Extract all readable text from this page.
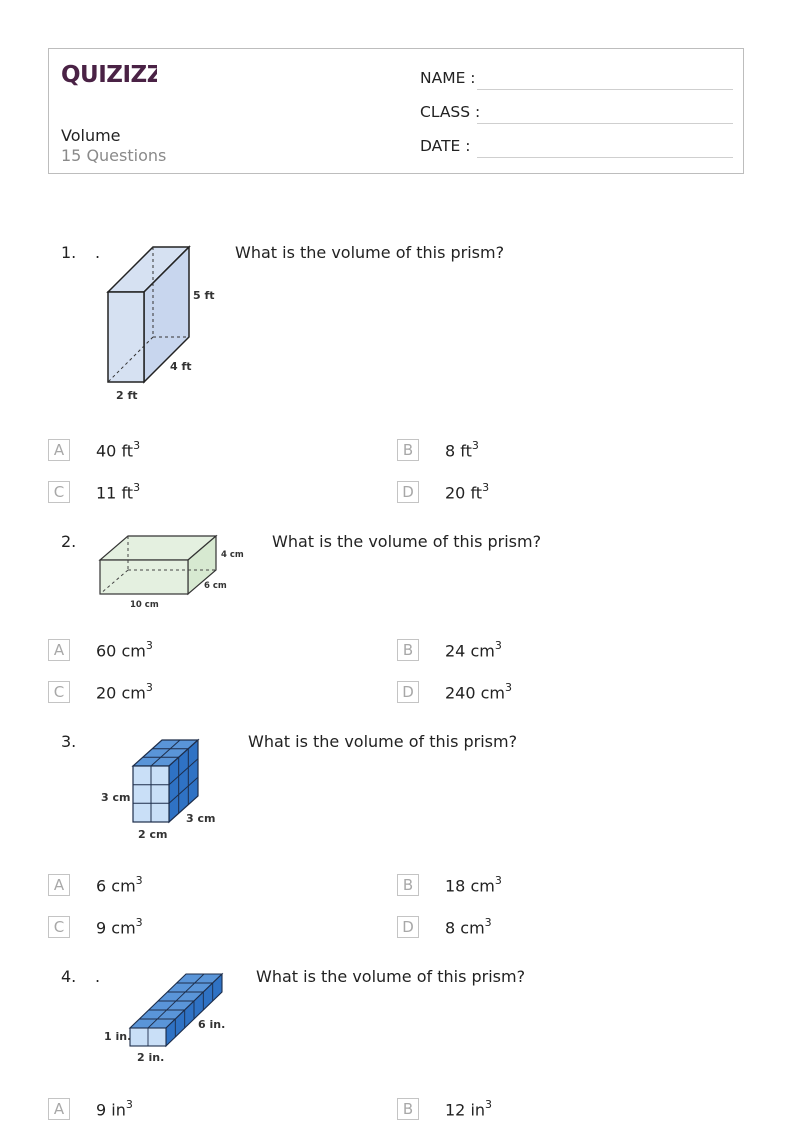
QUIZIZZ
Volume
15 Questions
NAME :
CLASS :
DATE :
1. .
5 ft
4 ft
2 ft
What is the volume of this prism?
A	40 $ft^3$	B	8 $ft^3$
C	11 $ft^3$	D	20 $ft^3$
2.
4 cm
6 cm
10 cm
What is the volume of this prism?
A	60 $cm^3$	B	24 $cm^3$
C	20 $cm^3$	D	240 $cm^3$
3.
3 cm
3 cm
2 cm
What is the volume of this prism?
A	6 $cm^3$	B	18 $cm^3$
C	9 $cm^3$	D	8 $cm^3$
4. .
1 in.
6 in.
2 in.
What is the volume of this prism?
A	9 $in^3$	B	12 $in^3$
